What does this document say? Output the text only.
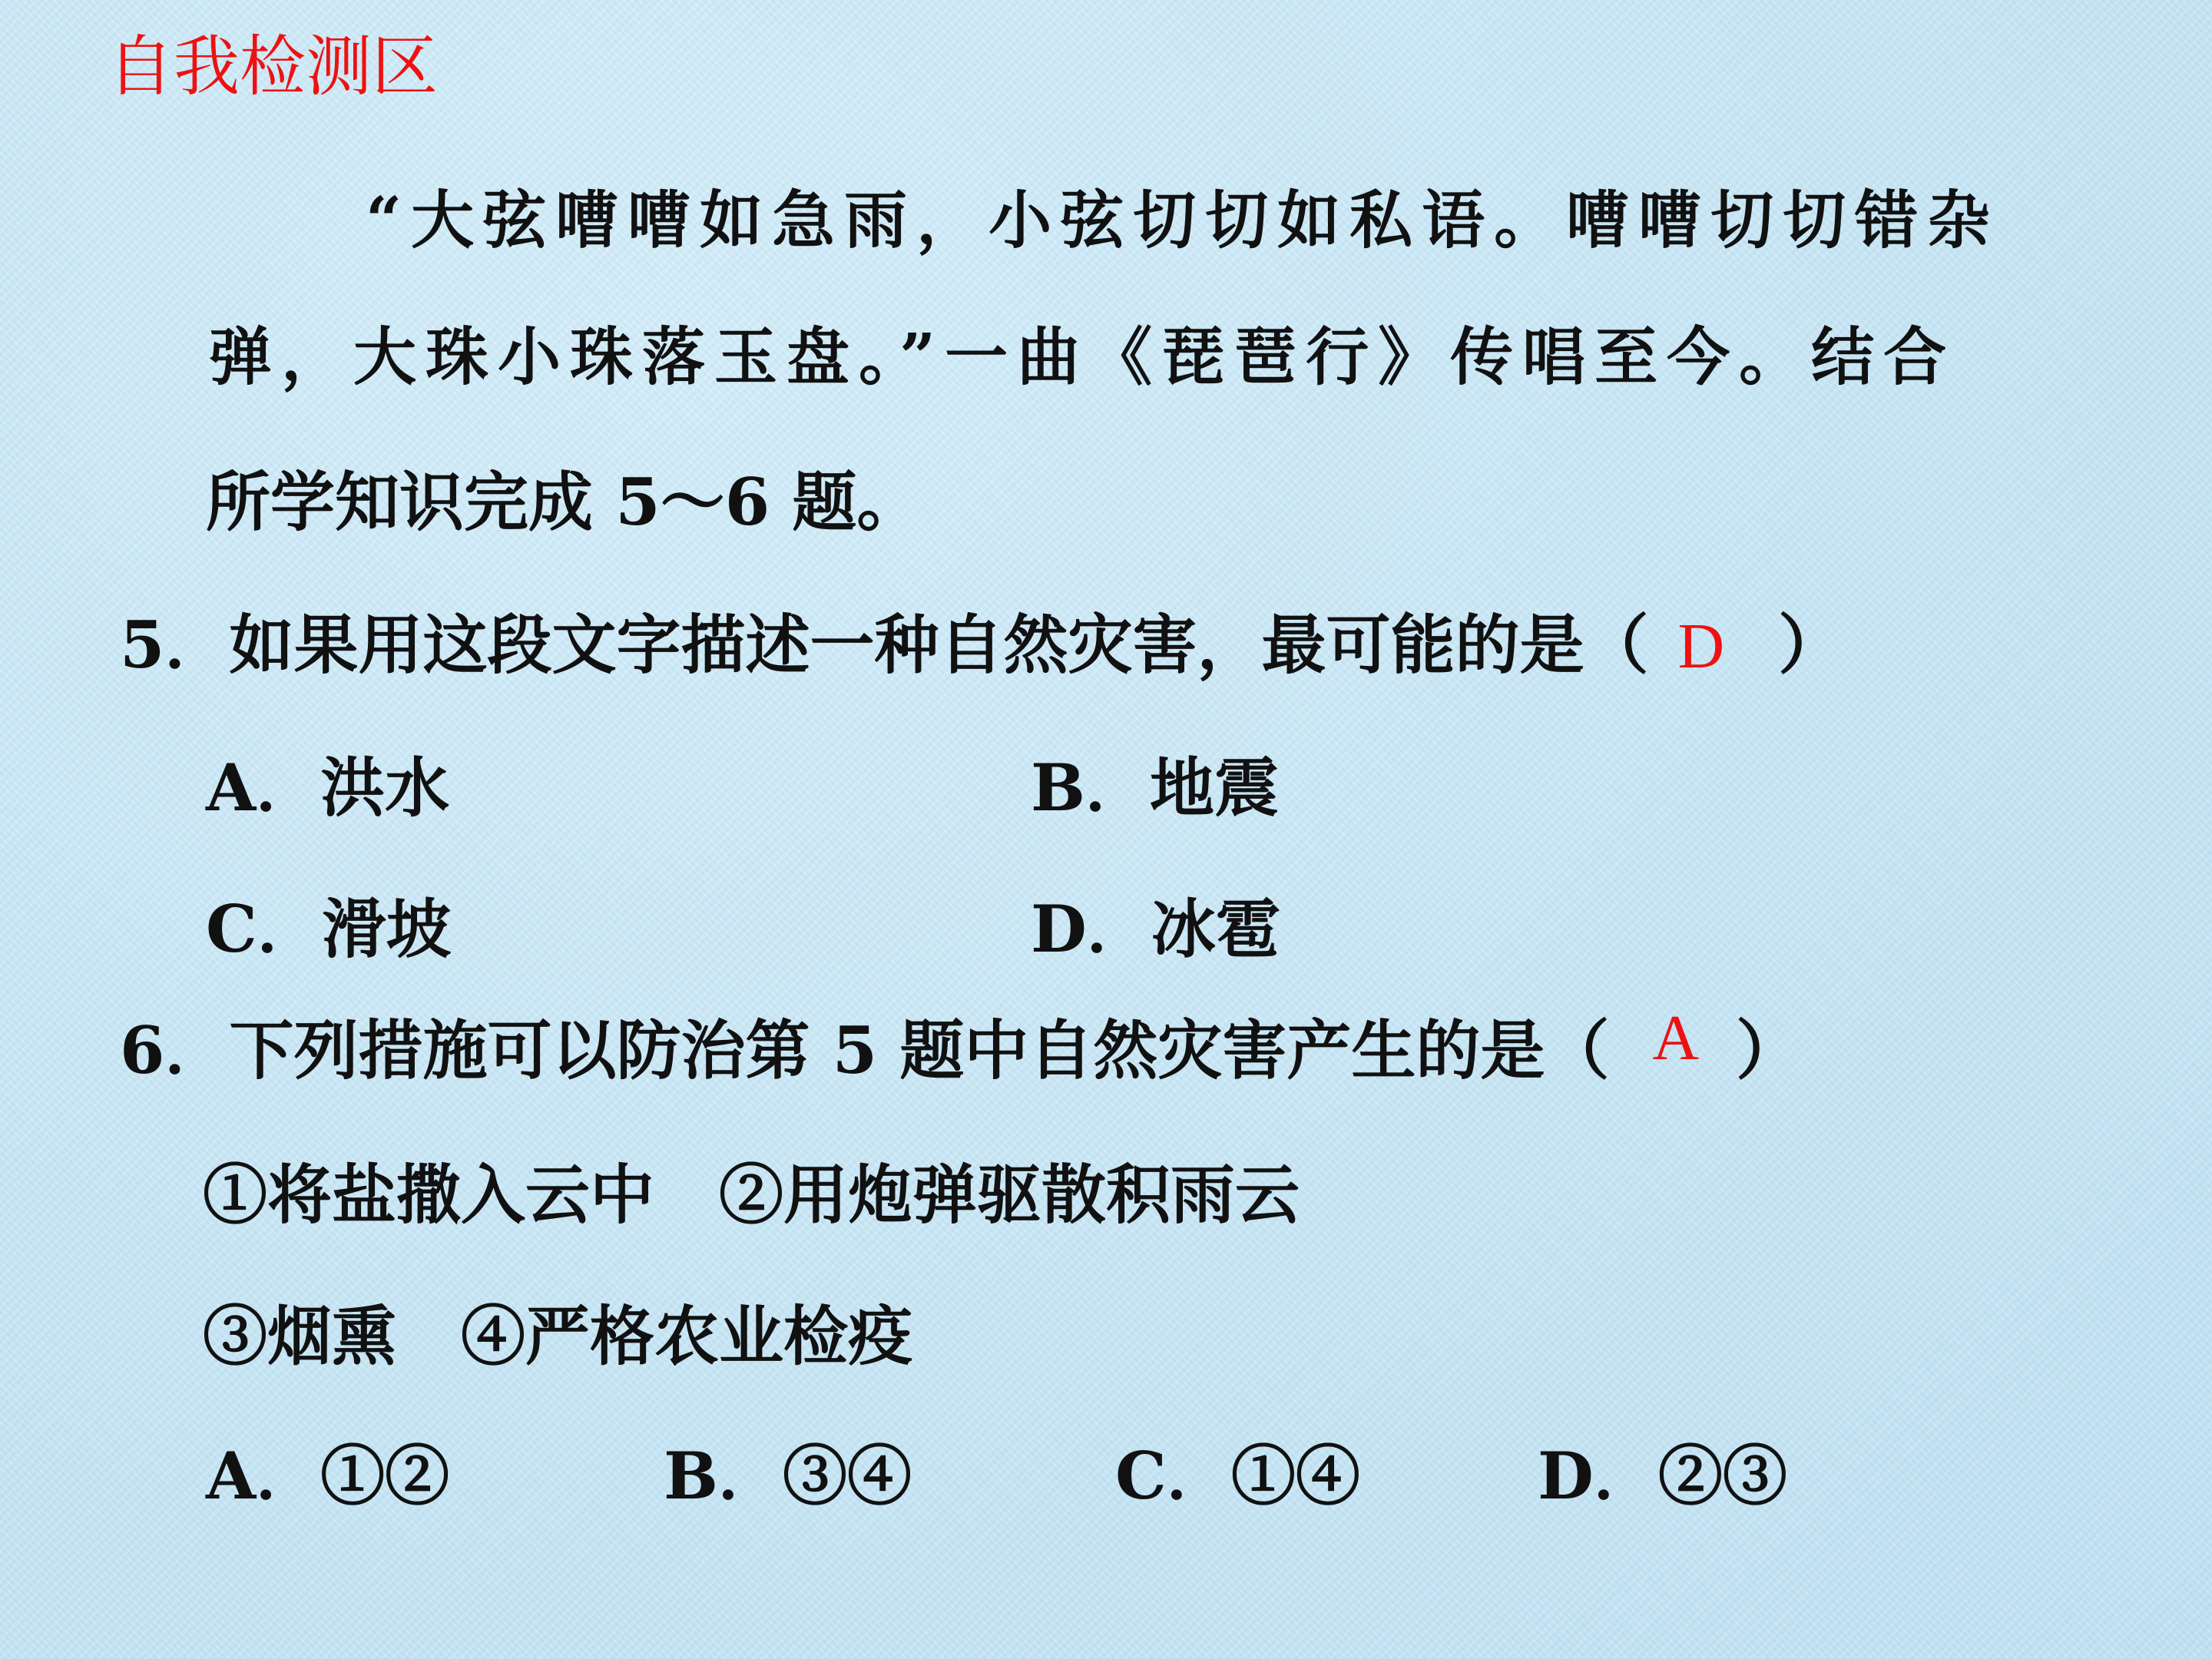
自我检测区
“大弦嘈嘈如急雨，小弦切切如私语。嘈嘈切切错杂
弹，大珠小珠落玉盘。”一曲《琵琶行》传唱至今。结合
所学知识完成 5～6 题。
5．如果用这段文字描述一种自然灾害，最可能的是（ D ）
A．洪水	B．地震
C．滑坡	D．冰雹
6．下列措施可以防治第 5 题中自然灾害产生的是（ A ）
①将盐撒入云中　②用炮弹驱散积雨云
③烟熏　④严格农业检疫
A．①②	B．③④	C．①④	D．②③
